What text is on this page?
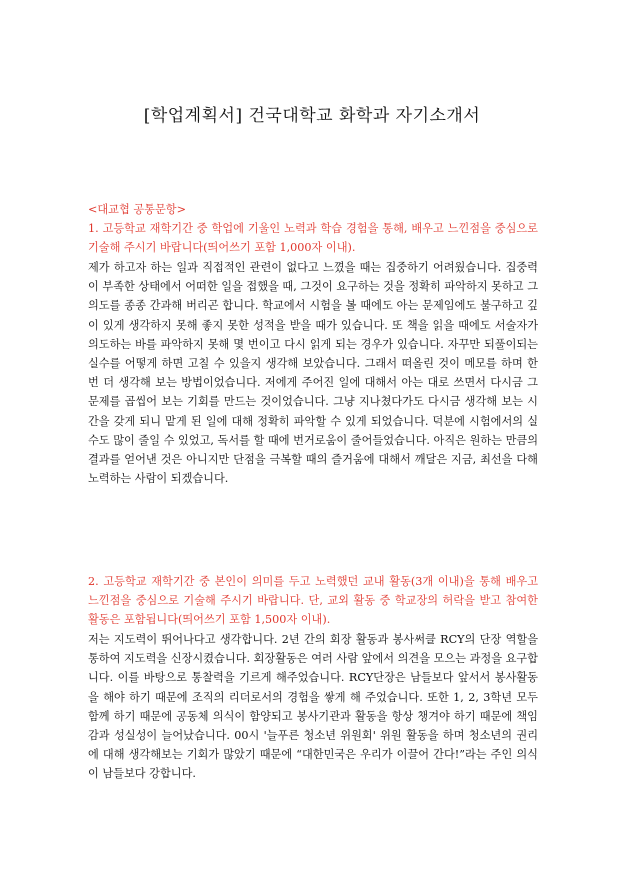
[학업계획서] 건국대학교 화학과 자기소개서
<대교협 공통문항>

1. 고등학교 재학기간 중 학업에 기울인 노력과 학습 경험을 통해, 배우고 느낀점을 중심으로 기술해 주시기 바랍니다(띄어쓰기 포함 1,000자 이내).

제가 하고자 하는 일과 직접적인 관련이 없다고 느꼈을 때는 집중하기 어려웠습니다. 집중력이 부족한 상태에서 어떠한 일을 접했을 때, 그것이 요구하는 것을 정확히 파악하지 못하고 그 의도를 종종 간과해 버리곤 합니다. 학교에서 시험을 볼 때에도 아는 문제임에도 불구하고 깊이 있게 생각하지 못해 좋지 못한 성적을 받을 때가 있습니다. 또 책을 읽을 때에도 서술자가 의도하는 바를 파악하지 못해 몇 번이고 다시 읽게 되는 경우가 있습니다. 자꾸만 되풀이되는 실수를 어떻게 하면 고칠 수 있을지 생각해 보았습니다. 그래서 떠올린 것이 메모를 하며 한 번 더 생각해 보는 방법이었습니다. 저에게 주어진 일에 대해서 아는 대로 쓰면서 다시금 그 문제를 곱씹어 보는 기회를 만드는 것이었습니다. 그냥 지나쳤다가도 다시금 생각해 보는 시간을 갖게 되니 맡게 된 일에 대해 정확히 파악할 수 있게 되었습니다. 덕분에 시험에서의 실수도 많이 줄일 수 있었고, 독서를 할 때에 번거로움이 줄어들었습니다. 아직은 원하는 만큼의 결과를 얻어낸 것은 아니지만 단점을 극복할 때의 즐거움에 대해서 깨달은 지금, 최선을 다해 노력하는 사람이 되겠습니다.

2. 고등학교 재학기간 중 본인이 의미를 두고 노력했던 교내 활동(3개 이내)을 통해 배우고 느낀점을 중심으로 기술해 주시기 바랍니다. 단, 교외 활동 중 학교장의 허락을 받고 참여한 활동은 포함됩니다(띄어쓰기 포함 1,500자 이내).

저는 지도력이 뛰어나다고 생각합니다. 2년 간의 회장 활동과 봉사써클 RCY의 단장 역할을 통하여 지도력을 신장시켰습니다. 회장활동은 여러 사람 앞에서 의견을 모으는 과정을 요구합니다. 이를 바탕으로 통찰력을 기르게 해주었습니다. RCY단장은 남들보다 앞서서 봉사활동을 해야 하기 때문에 조직의 리더로서의 경험을 쌓게 해 주었습니다. 또한 1, 2, 3학년 모두 함께 하기 때문에 공동체 의식이 함양되고 봉사기관과 활동을 항상 챙겨야 하기 때문에 책임감과 성실성이 늘어났습니다. 00시 '늘푸른 청소년 위원회' 위원 활동을 하며 청소년의 권리에 대해 생각해보는 기회가 많았기 때문에 “대한민국은 우리가 이끌어 간다!”라는 주인 의식이 남들보다 강합니다.
